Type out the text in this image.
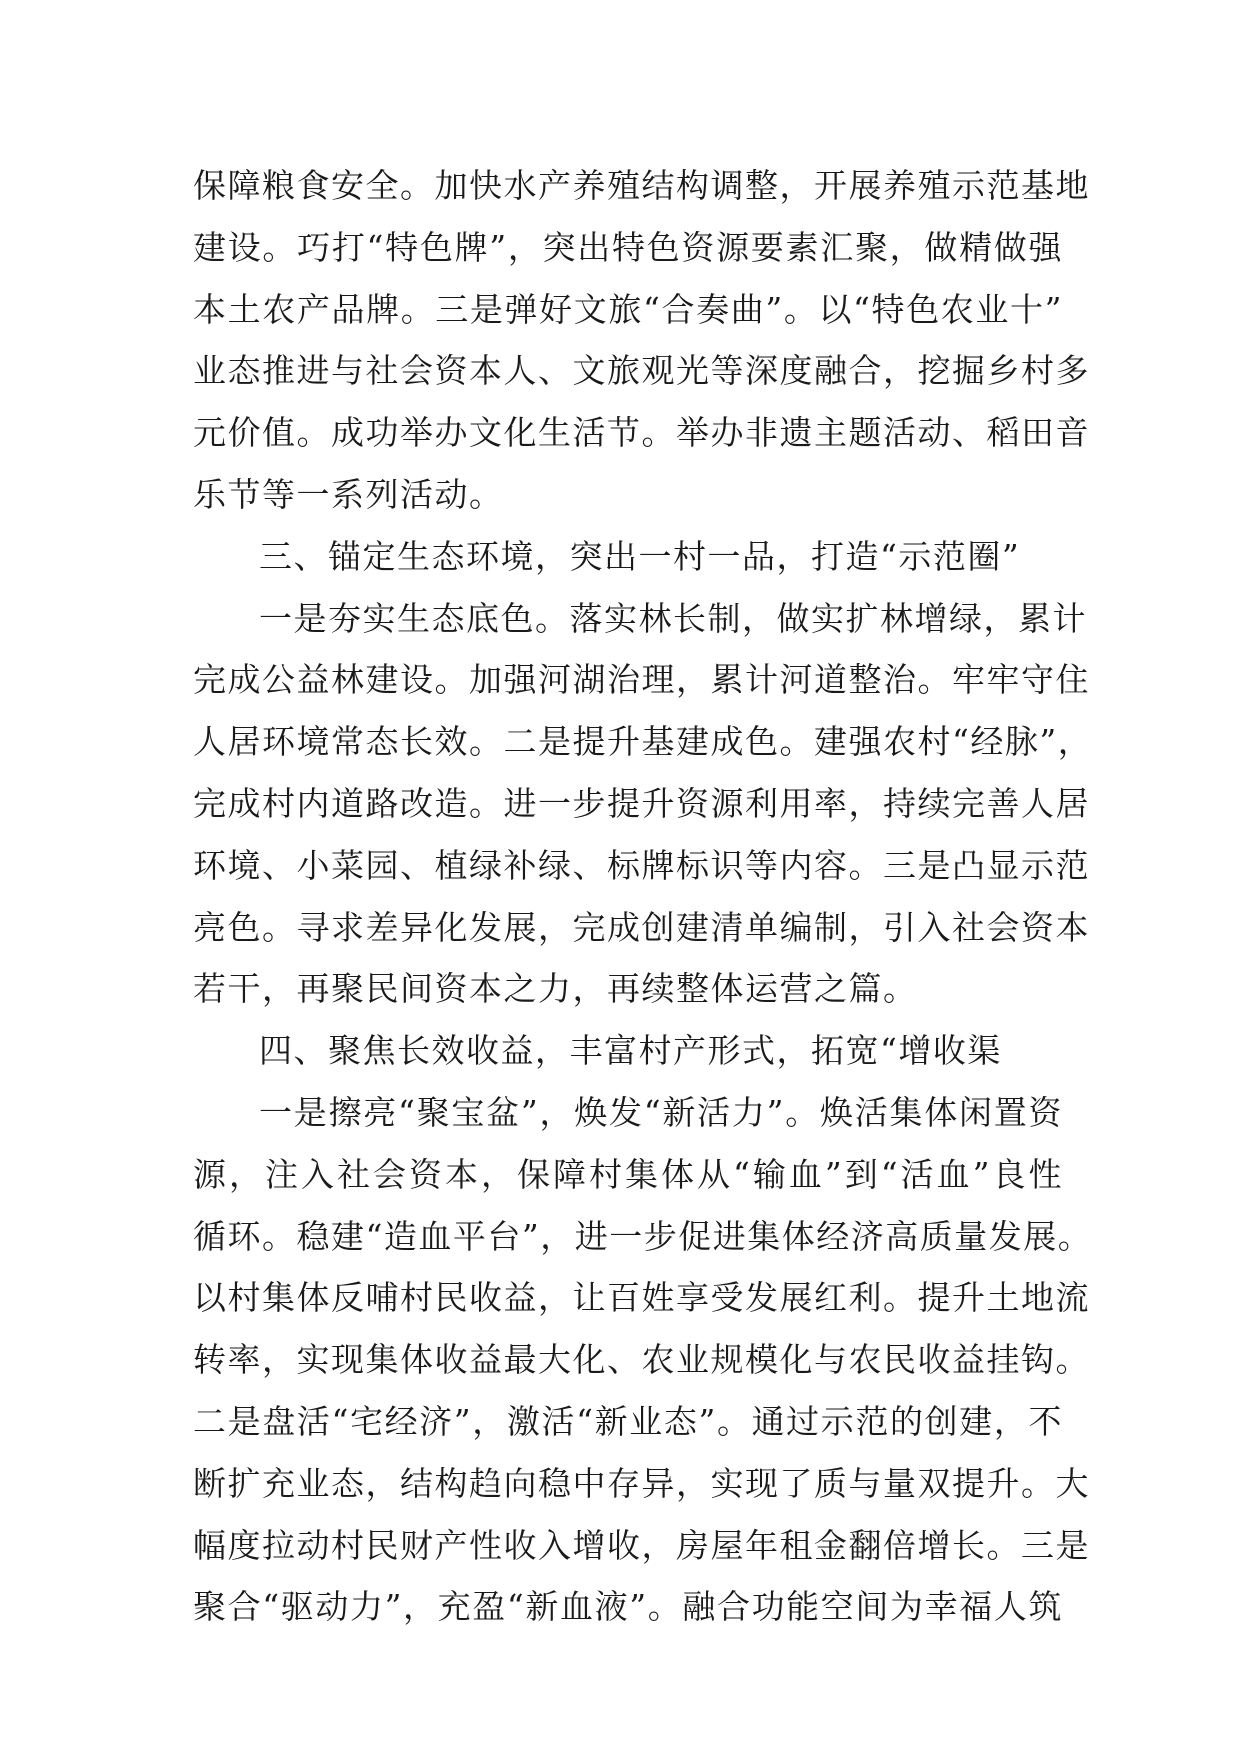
保障粮食安全。加快水产养殖结构调整，开展养殖示范基地
建设。巧打“特色牌”，突出特色资源要素汇聚，做精做强
本土农产品牌。三是弹好文旅“合奏曲”。以“特色农业十”
业态推进与社会资本人、文旅观光等深度融合，挖掘乡村多
元价值。成功举办文化生活节。举办非遗主题活动、稻田音
乐节等一系列活动。
三、锚定生态环境，突出一村一品，打造“示范圈”
一是夯实生态底色。落实林长制，做实扩林增绿，累计
完成公益林建设。加强河湖治理，累计河道整治。牢牢守住
人居环境常态长效。二是提升基建成色。建强农村“经脉”，
完成村内道路改造。进一步提升资源利用率，持续完善人居
环境、小菜园、植绿补绿、标牌标识等内容。三是凸显示范
亮色。寻求差异化发展，完成创建清单编制，引入社会资本
若干，再聚民间资本之力，再续整体运营之篇。
四、聚焦长效收益，丰富村产形式，拓宽“增收渠
一是擦亮“聚宝盆”，焕发“新活力”。焕活集体闲置资
源，注入社会资本，保障村集体从“输血”到“活血”良性
循环。稳建“造血平台”，进一步促进集体经济高质量发展。
以村集体反哺村民收益，让百姓享受发展红利。提升土地流
转率，实现集体收益最大化、农业规模化与农民收益挂钩。
二是盘活“宅经济”，激活“新业态”。通过示范的创建，不
断扩充业态，结构趋向稳中存异，实现了质与量双提升。大
幅度拉动村民财产性收入增收，房屋年租金翻倍增长。三是
聚合“驱动力”，充盈“新血液”。融合功能空间为幸福人筑
